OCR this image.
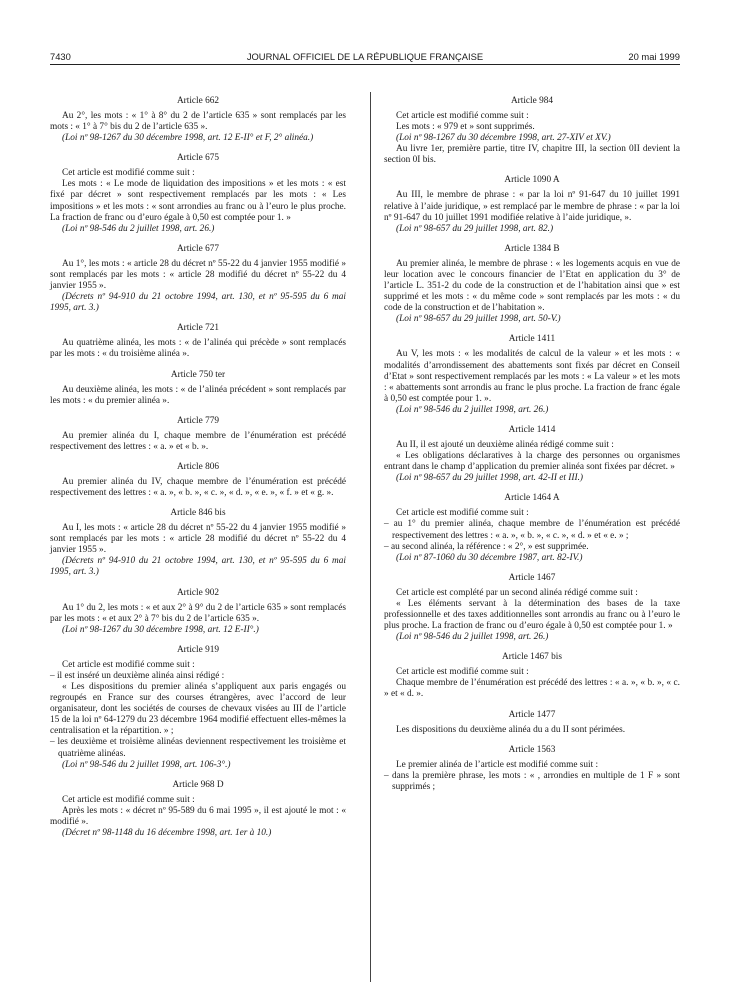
7430	JOURNAL OFFICIEL DE LA RÉPUBLIQUE FRANÇAISE	20 mai 1999
Article 662

Au 2°, les mots : « 1° à 8° du 2 de l’article 635 » sont remplacés par les mots : « 1° à 7° bis du 2 de l’article 635 ».

(Loi nº 98-1267 du 30 décembre 1998, art. 12 E-II° et F, 2° alinéa.)

Article 675

Cet article est modifié comme suit :

Les mots : « Le mode de liquidation des impositions » et les mots : « est fixé par décret » sont respectivement remplacés par les mots : « Les impositions » et les mots : « sont arrondies au franc ou à l’euro le plus proche. La fraction de franc ou d’euro égale à 0,50 est comptée pour 1. »

(Loi nº 98-546 du 2 juillet 1998, art. 26.)

Article 677

Au 1°, les mots : « article 28 du décret nº 55-22 du 4 janvier 1955 modifié » sont remplacés par les mots : « article 28 modifié du décret nº 55-22 du 4 janvier 1955 ».

(Décrets nº 94-910 du 21 octobre 1994, art. 130, et nº 95-595 du 6 mai 1995, art. 3.)

Article 721

Au quatrième alinéa, les mots : « de l’alinéa qui précède » sont remplacés par les mots : « du troisième alinéa ».

Article 750 ter

Au deuxième alinéa, les mots : « de l’alinéa précédent » sont remplacés par les mots : « du premier alinéa ».

Article 779

Au premier alinéa du I, chaque membre de l’énumération est précédé respectivement des lettres : « a. » et « b. ».

Article 806

Au premier alinéa du IV, chaque membre de l’énumération est précédé respectivement des lettres : « a. », « b. », « c. », « d. », « e. », « f. » et « g. ».

Article 846 bis

Au I, les mots : « article 28 du décret nº 55-22 du 4 janvier 1955 modifié » sont remplacés par les mots : « article 28 modifié du décret nº 55-22 du 4 janvier 1955 ».

(Décrets nº 94-910 du 21 octobre 1994, art. 130, et nº 95-595 du 6 mai 1995, art. 3.)

Article 902

Au 1° du 2, les mots : « et aux 2° à 9° du 2 de l’article 635 » sont remplacés par les mots : « et aux 2° à 7° bis du 2 de l’article 635 ».

(Loi nº 98-1267 du 30 décembre 1998, art. 12 E-II°.)

Article 919

Cet article est modifié comme suit :

– il est inséré un deuxième alinéa ainsi rédigé :

« Les dispositions du premier alinéa s’appliquent aux paris engagés ou regroupés en France sur des courses étrangères, avec l’accord de leur organisateur, dont les sociétés de courses de chevaux visées au III de l’article 15 de la loi nº 64-1279 du 23 décembre 1964 modifié effectuent elles-mêmes la centralisation et la répartition. » ;

– les deuxième et troisième alinéas deviennent respectivement les troisième et quatrième alinéas.

(Loi nº 98-546 du 2 juillet 1998, art. 106-3°.)

Article 968 D

Cet article est modifié comme suit :

Après les mots : « décret nº 95-589 du 6 mai 1995 », il est ajouté le mot : « modifié ».

(Décret nº 98-1148 du 16 décembre 1998, art. 1er à 10.)

Article 984

Cet article est modifié comme suit :

Les mots : « 979 et » sont supprimés.

(Loi nº 98-1267 du 30 décembre 1998, art. 27-XIV et XV.)

Au livre 1er, première partie, titre IV, chapitre III, la section 0II devient la section 0I bis.

Article 1090 A

Au III, le membre de phrase : « par la loi nº 91-647 du 10 juillet 1991 relative à l’aide juridique, » est remplacé par le membre de phrase : « par la loi nº 91-647 du 10 juillet 1991 modifiée relative à l’aide juridique, ».

(Loi nº 98-657 du 29 juillet 1998, art. 82.)

Article 1384 B

Au premier alinéa, le membre de phrase : « les logements acquis en vue de leur location avec le concours financier de l’Etat en application du 3° de l’article L. 351-2 du code de la construction et de l’habitation ainsi que » est supprimé et les mots : « du même code » sont remplacés par les mots : « du code de la construction et de l’habitation ».

(Loi nº 98-657 du 29 juillet 1998, art. 50-V.)

Article 1411

Au V, les mots : « les modalités de calcul de la valeur » et les mots : « modalités d’arrondissement des abattements sont fixés par décret en Conseil d’Etat » sont respectivement remplacés par les mots : « La valeur » et les mots : « abattements sont arrondis au franc le plus proche. La fraction de franc égale à 0,50 est comptée pour 1. ».

(Loi nº 98-546 du 2 juillet 1998, art. 26.)

Article 1414

Au II, il est ajouté un deuxième alinéa rédigé comme suit :

« Les obligations déclaratives à la charge des personnes ou organismes entrant dans le champ d’application du premier alinéa sont fixées par décret. »

(Loi nº 98-657 du 29 juillet 1998, art. 42-II et III.)

Article 1464 A

Cet article est modifié comme suit :

– au 1° du premier alinéa, chaque membre de l’énumération est précédé respectivement des lettres : « a. », « b. », « c. », « d. » et « e. » ;

– au second alinéa, la référence : « 2°, » est supprimée.

(Loi nº 87-1060 du 30 décembre 1987, art. 82-IV.)

Article 1467

Cet article est complété par un second alinéa rédigé comme suit :

« Les éléments servant à la détermination des bases de la taxe professionnelle et des taxes additionnelles sont arrondis au franc ou à l’euro le plus proche. La fraction de franc ou d’euro égale à 0,50 est comptée pour 1. »

(Loi nº 98-546 du 2 juillet 1998, art. 26.)

Article 1467 bis

Cet article est modifié comme suit :

Chaque membre de l’énumération est précédé des lettres : « a. », « b. », « c. » et « d. ».

Article 1477

Les dispositions du deuxième alinéa du a du II sont périmées.

Article 1563

Le premier alinéa de l’article est modifié comme suit :

– dans la première phrase, les mots : « , arrondies en multiple de 1 F » sont supprimés ;
